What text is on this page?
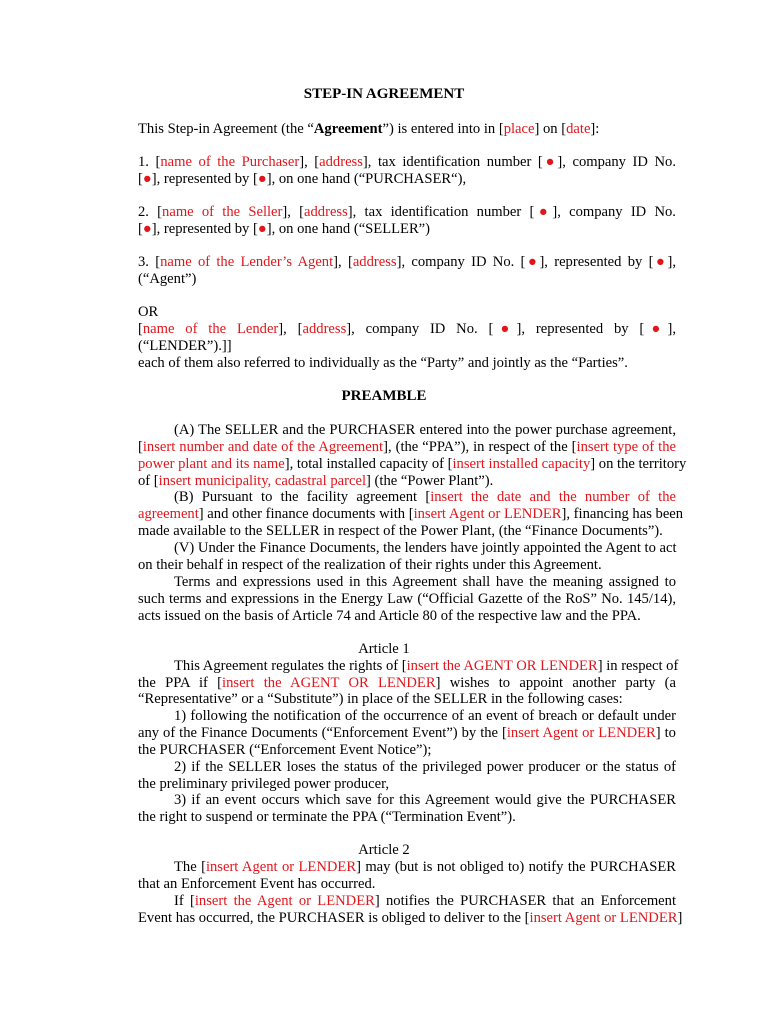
STEP-IN AGREEMENT
This Step-in Agreement (the “Agreement”) is entered into in [place] on [date]:
1. [name of the Purchaser], [address], tax identification number [●], company ID No.
[●], represented by [●], on one hand (“PURCHASER“),
2. [name of the Seller], [address], tax identification number [●], company ID No.
[●], represented by [●], on one hand (“SELLER”)
3. [name of the Lender’s Agent], [address], company ID No. [●], represented by [●],
(“Agent”)
OR
[name of the Lender], [address], company ID No. [●], represented by [●],
(“LENDER”).]]
each of them also referred to individually as the “Party” and jointly as the “Parties”.
PREAMBLE
(A) The SELLER and the PURCHASER entered into the power purchase agreement,
[insert number and date of the Agreement], (the “PPA”), in respect of the [insert type of the
power plant and its name], total installed capacity of [insert installed capacity] on the territory
of [insert municipality, cadastral parcel] (the “Power Plant”).
(B) Pursuant to the facility agreement [insert the date and the number of the
agreement] and other finance documents with [insert Agent or LENDER], financing has been
made available to the SELLER in respect of the Power Plant, (the “Finance Documents”).
(V) Under the Finance Documents, the lenders have jointly appointed the Agent to act
on their behalf in respect of the realization of their rights under this Agreement.
Terms and expressions used in this Agreement shall have the meaning assigned to
such terms and expressions in the Energy Law (“Official Gazette of the RoS” No. 145/14),
acts issued on the basis of Article 74 and Article 80 of the respective law and the PPA.
Article 1
This Agreement regulates the rights of [insert the AGENT OR LENDER] in respect of
the PPA if [insert the AGENT OR LENDER] wishes to appoint another party (a
“Representative” or a “Substitute”) in place of the SELLER in the following cases:
1) following the notification of the occurrence of an event of breach or default under
any of the Finance Documents (“Enforcement Event”) by the [insert Agent or LENDER] to
the PURCHASER (“Enforcement Event Notice”);
2) if the SELLER loses the status of the privileged power producer or the status of
the preliminary privileged power producer,
3) if an event occurs which save for this Agreement would give the PURCHASER
the right to suspend or terminate the PPA (“Termination Event”).
Article 2
The [insert Agent or LENDER] may (but is not obliged to) notify the PURCHASER
that an Enforcement Event has occurred.
If [insert the Agent or LENDER] notifies the PURCHASER that an Enforcement
Event has occurred, the PURCHASER is obliged to deliver to the [insert Agent or LENDER]
